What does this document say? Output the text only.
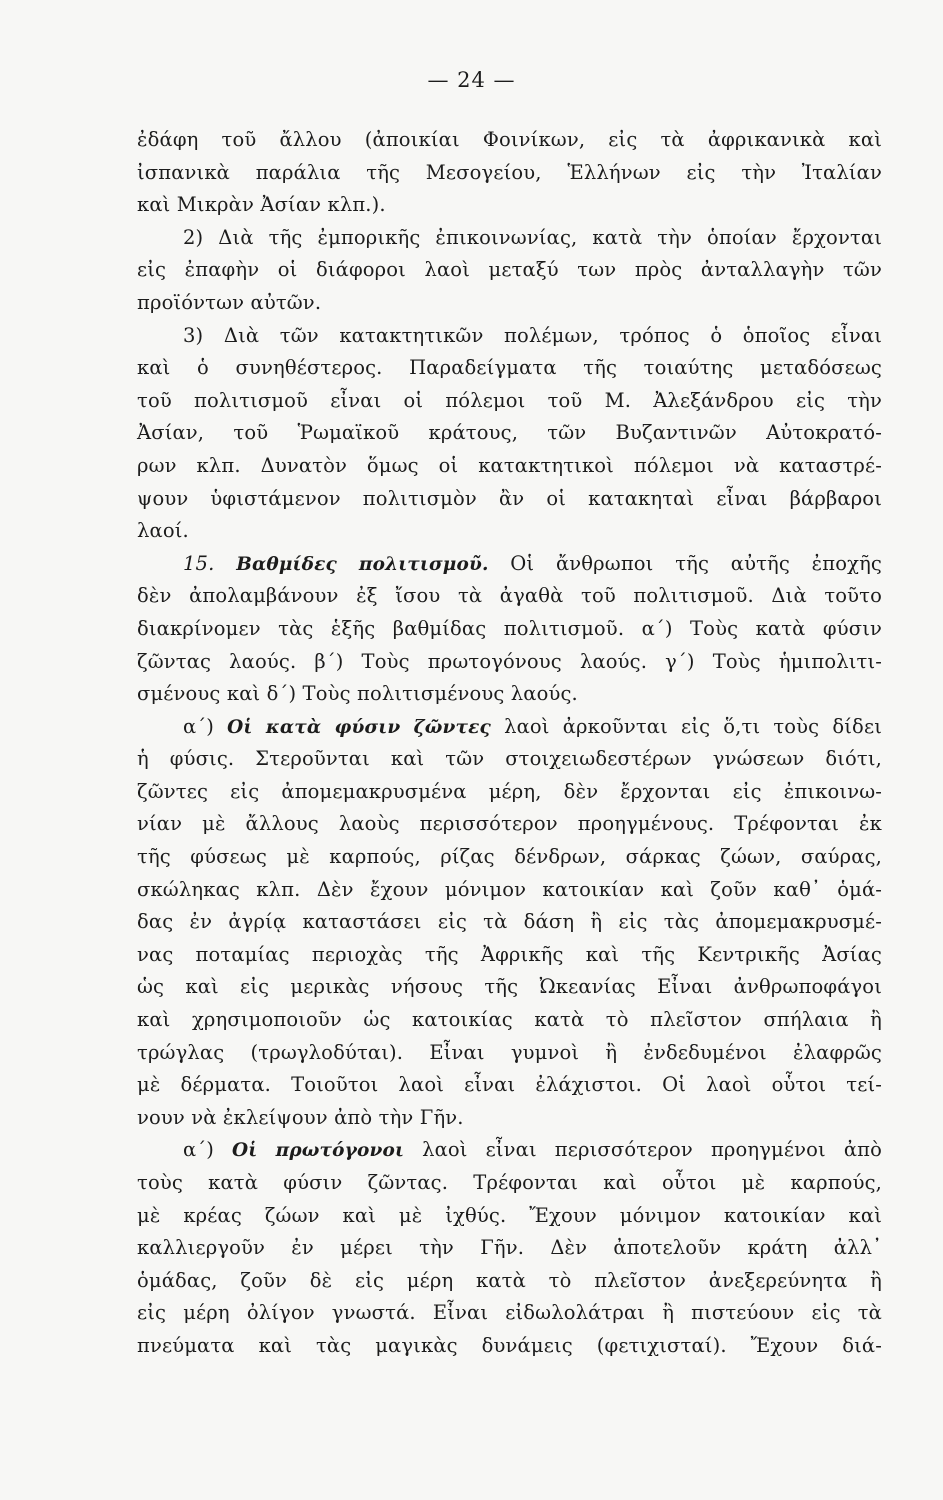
— 24 —
ἐδάφη τοῦ ἄλλου (ἀποικίαι Φοινίκων, εἰς τὰ ἀφρικανικὰ καὶ
ἰσπανικὰ παράλια τῆς Μεσογείου, Ἑλλήνων εἰς τὴν Ἰταλίαν
καὶ Μικρὰν Ἀσίαν κλπ.).
2) Διὰ τῆς ἐμπορικῆς ἐπικοινωνίας, κατὰ τὴν ὁποίαν ἔρχονται
εἰς ἐπαφὴν οἱ διάφοροι λαοὶ μεταξύ των πρὸς ἀνταλλαγὴν τῶν
προϊόντων αὐτῶν.
3) Διὰ τῶν κατακτητικῶν πολέμων, τρόπος ὁ ὁποῖος εἶναι
καὶ ὁ συνηθέστερος. Παραδείγματα τῆς τοιαύτης μεταδόσεως
τοῦ πολιτισμοῦ εἶναι οἱ πόλεμοι τοῦ Μ. Ἀλεξάνδρου εἰς τὴν
Ἀσίαν, τοῦ Ῥωμαϊκοῦ κράτους, τῶν Βυζαντινῶν Αὐτοκρατό-
ρων κλπ. Δυνατὸν ὅμως οἱ κατακτητικοὶ πόλεμοι νὰ καταστρέ-
ψουν ὑφιστάμενον πολιτισμὸν ἂν οἱ κατακηταὶ εἶναι βάρβαροι
λαοί.
15. Βαθμίδες πολιτισμοῦ. Οἱ ἄνθρωποι τῆς αὐτῆς ἐποχῆς
δὲν ἀπολαμβάνουν ἐξ ἴσου τὰ ἀγαθὰ τοῦ πολιτισμοῦ. Διὰ τοῦτο
διακρίνομεν τὰς ἑξῆς βαθμίδας πολιτισμοῦ. α΄) Τοὺς κατὰ φύσιν
ζῶντας λαούς. β΄) Τοὺς πρωτογόνους λαούς. γ΄) Τοὺς ἡμιπολιτι-
σμένους καὶ δ΄) Τοὺς πολιτισμένους λαούς.
α΄) Οἱ κατὰ φύσιν ζῶντες λαοὶ ἀρκοῦνται εἰς ὅ,τι τοὺς δίδει
ἡ φύσις. Στεροῦνται καὶ τῶν στοιχειωδεστέρων γνώσεων διότι,
ζῶντες εἰς ἀπομεμακρυσμένα μέρη, δὲν ἔρχονται εἰς ἐπικοινω-
νίαν μὲ ἄλλους λαοὺς περισσότερον προηγμένους. Τρέφονται ἐκ
τῆς φύσεως μὲ καρπούς, ρίζας δένδρων, σάρκας ζώων, σαύρας,
σκώληκας κλπ. Δὲν ἔχουν μόνιμον κατοικίαν καὶ ζοῦν καθ᾽ ὁμά-
δας ἐν ἀγρίᾳ καταστάσει εἰς τὰ δάση ἢ εἰς τὰς ἀπομεμακρυσμέ-
νας ποταμίας περιοχὰς τῆς Ἀφρικῆς καὶ τῆς Κεντρικῆς Ἀσίας
ὡς καὶ εἰς μερικὰς νήσους τῆς Ὠκεανίας Εἶναι ἀνθρωποφάγοι
καὶ χρησιμοποιοῦν ὡς κατοικίας κατὰ τὸ πλεῖστον σπήλαια ἢ
τρώγλας (τρωγλοδύται). Εἶναι γυμνοὶ ἢ ἐνδεδυμένοι ἐλαφρῶς
μὲ δέρματα. Τοιοῦτοι λαοὶ εἶναι ἐλάχιστοι. Οἱ λαοὶ οὗτοι τεί-
νουν νὰ ἐκλείψουν ἀπὸ τὴν Γῆν.
α΄) Οἱ πρωτόγονοι λαοὶ εἶναι περισσότερον προηγμένοι ἀπὸ
τοὺς κατὰ φύσιν ζῶντας. Τρέφονται καὶ οὗτοι μὲ καρπούς,
μὲ κρέας ζώων καὶ μὲ ἰχθύς. Ἔχουν μόνιμον κατοικίαν καὶ
καλλιεργοῦν ἐν μέρει τὴν Γῆν. Δὲν ἀποτελοῦν κράτη ἀλλ᾽
ὁμάδας, ζοῦν δὲ εἰς μέρη κατὰ τὸ πλεῖστον ἀνεξερεύνητα ἢ
εἰς μέρη ὀλίγον γνωστά. Εἶναι εἰδωλολάτραι ἢ πιστεύουν εἰς τὰ
πνεύματα καὶ τὰς μαγικὰς δυνάμεις (φετιχισταί). Ἔχουν διά-
